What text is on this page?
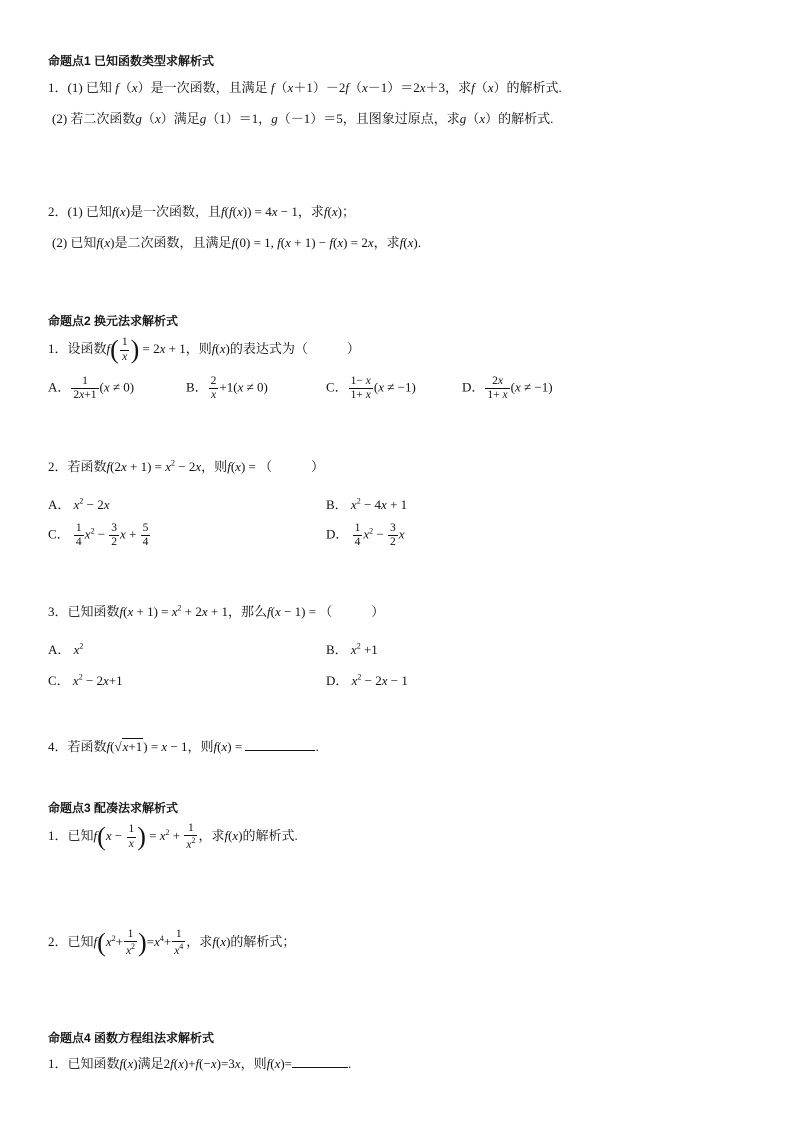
命题点1 已知函数类型求解析式
1．(1) 已知 f（x）是一次函数，且满足 f（x＋1）－2f（x－1）＝2x＋3，求f（x）的解析式.
(2) 若二次函数g（x）满足g（1）＝1，g（－1）＝5，且图象过原点，求g（x）的解析式.
2．(1) 已知f(x)是一次函数，且f(f(x)) = 4x − 1，求f(x)；
(2) 已知f(x)是二次函数，且满足f(0) = 1, f(x + 1) − f(x) = 2x，求f(x).
命题点2 换元法求解析式
1．设函数$f( \frac{1}{x}$ ) = 2x + 1，则f(x)的表达式为（　　　）
A． $\frac{1}{2x+1} (x \ne 0)$	B． $\frac{2}{x} +1(x \ne 0)$	C． $\frac{1- x}{1+ x} (x \ne -1)$	D． $\frac{2x}{1+ x} (x \ne -1)$
2．若函数$f(2x + 1) = x^2 - 2x$，则f(x) = （　　　）
A． $x^2 - 2x$	B． $x^2 - 4x + 1$
C． $\frac{1}{4} x^2 - \frac{3}{2}$ $x + \frac{5}{4}$	D． $\frac{1}{4} x^2 - \frac{3}{2}$ x
3．已知函数$f(x + 1) = x^2 + 2x + 1$，那么f(x − 1) = （　　　）
A． $x^2$	B． $x^2 +1$
C． $x^2 - 2x+1$	D． $x^2 - 2x - 1$
4．若函数f(√x+1) = x − 1，则f(x) =	.
命题点3 配凑法求解析式
1．已知$f(x - \frac{1}{x}$ ) = $x^2 + \frac{1}{x^2}$ ，求f(x)的解析式.
2．已知$f(x^2+ \frac{1}{x^2} )=x^4+ \frac{1}{x^4}$ ，求f(x)的解析式；
命题点4 函数方程组法求解析式
1．已知函数f(x)满足2f(x)+f(−x)=3x，则f(x)=	.
